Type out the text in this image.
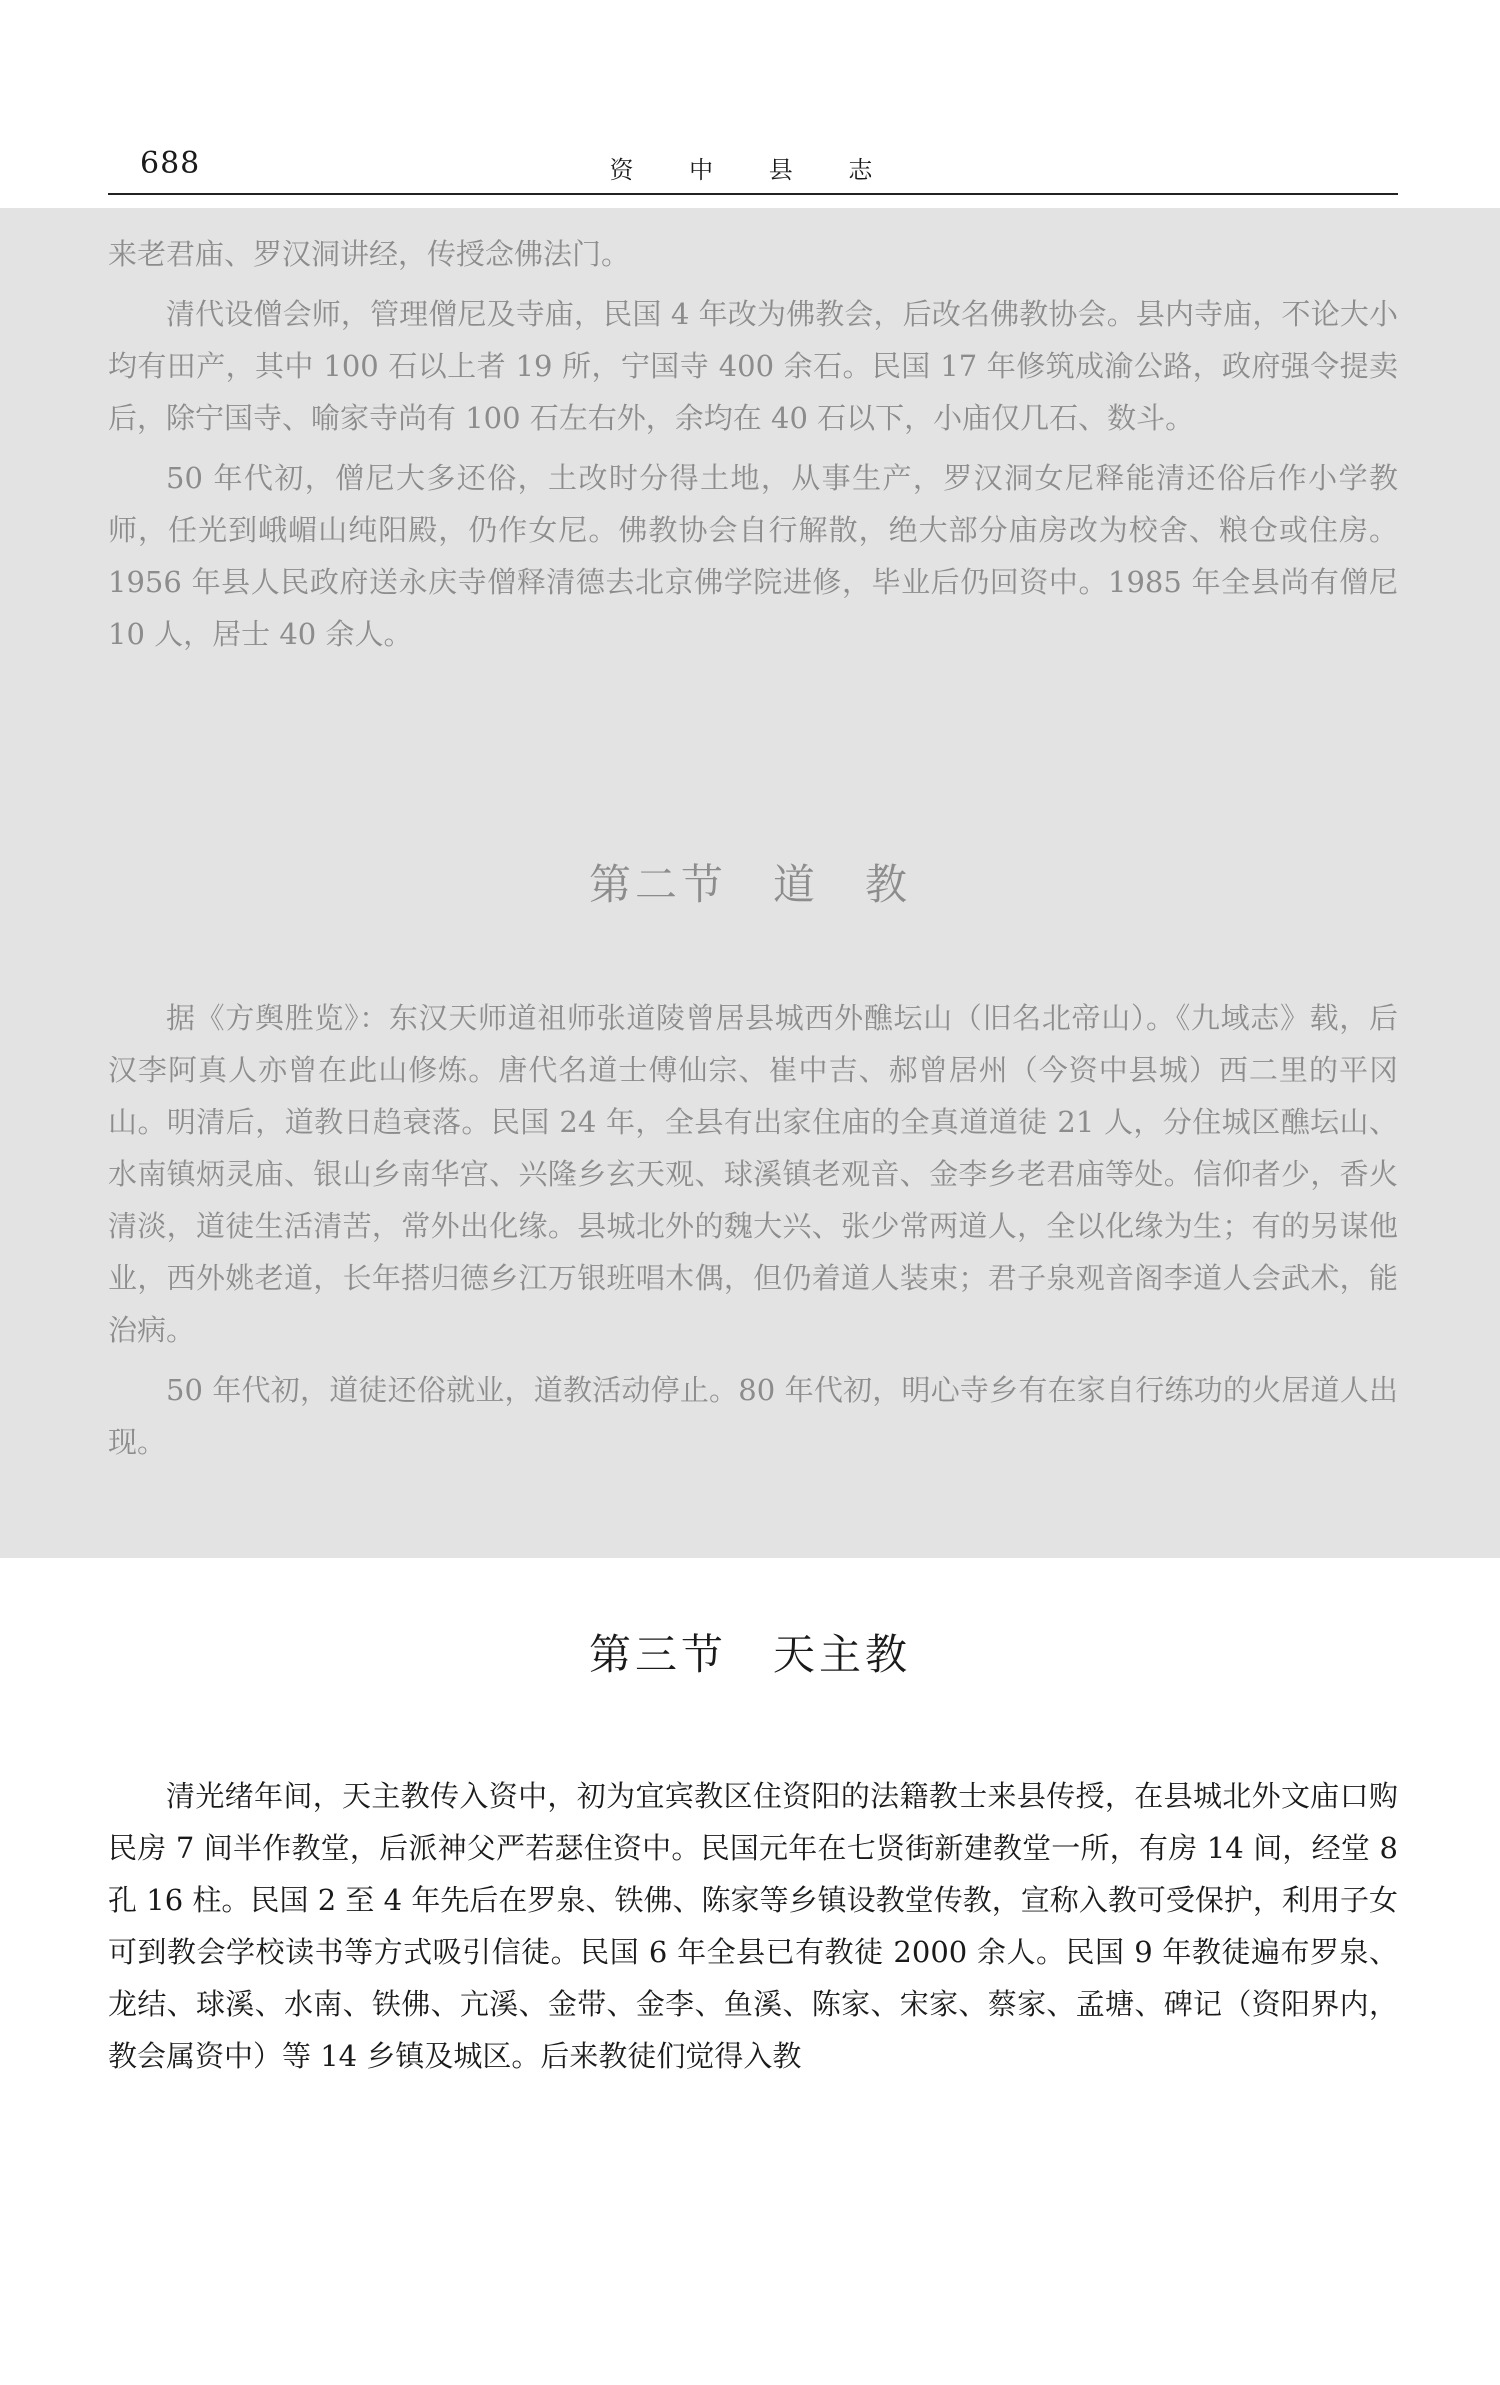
688	资 中 县 志

来老君庙、罗汉洞讲经，传授念佛法门。

清代设僧会师，管理僧尼及寺庙，民国 4 年改为佛教会，后改名佛教协会。县内寺庙，不论大小均有田产，其中 100 石以上者 19 所，宁国寺 400 余石。民国 17 年修筑成渝公路，政府强令提卖后，除宁国寺、喻家寺尚有 100 石左右外，余均在 40 石以下，小庙仅几石、数斗。

50 年代初，僧尼大多还俗，土改时分得土地，从事生产，罗汉洞女尼释能清还俗后作小学教师，任光到峨嵋山纯阳殿，仍作女尼。佛教协会自行解散，绝大部分庙房改为校舍、粮仓或住房。1956 年县人民政府送永庆寺僧释清德去北京佛学院进修，毕业后仍回资中。1985 年全县尚有僧尼 10 人，居士 40 余人。

第二节 道 教

据《方舆胜览》：东汉天师道祖师张道陵曾居县城西外醮坛山（旧名北帝山）。《九域志》载，后汉李阿真人亦曾在此山修炼。唐代名道士傅仙宗、崔中吉、郝曾居州（今资中县城）西二里的平冈山。明清后，道教日趋衰落。民国 24 年，全县有出家住庙的全真道道徒 21 人，分住城区醮坛山、水南镇炳灵庙、银山乡南华宫、兴隆乡玄天观、球溪镇老观音、金李乡老君庙等处。信仰者少，香火清淡，道徒生活清苦，常外出化缘。县城北外的魏大兴、张少常两道人，全以化缘为生；有的另谋他业，西外姚老道，长年搭归德乡江万银班唱木偶，但仍着道人装束；君子泉观音阁李道人会武术，能治病。

50 年代初，道徒还俗就业，道教活动停止。80 年代初，明心寺乡有在家自行练功的火居道人出现。

第三节 天主教

清光绪年间，天主教传入资中，初为宜宾教区住资阳的法籍教士来县传授，在县城北外文庙口购民房 7 间半作教堂，后派神父严若瑟住资中。民国元年在七贤街新建教堂一所，有房 14 间，经堂 8 孔 16 柱。民国 2 至 4 年先后在罗泉、铁佛、陈家等乡镇设教堂传教，宣称入教可受保护，利用子女可到教会学校读书等方式吸引信徒。民国 6 年全县已有教徒 2000 余人。民国 9 年教徒遍布罗泉、龙结、球溪、水南、铁佛、亢溪、金带、金李、鱼溪、陈家、宋家、蔡家、孟塘、碑记（资阳界内，教会属资中）等 14 乡镇及城区。后来教徒们觉得入教
